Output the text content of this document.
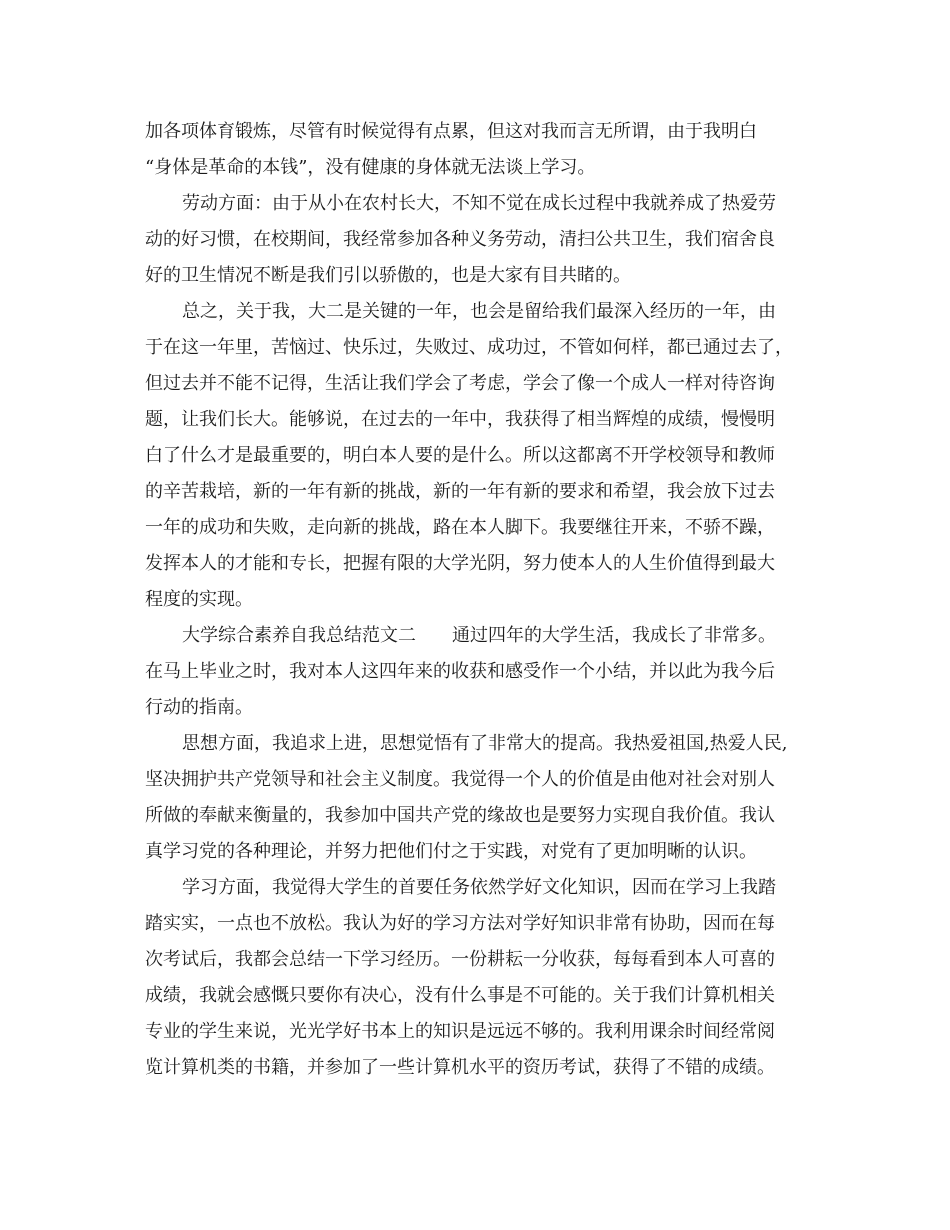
加各项体育锻炼，尽管有时候觉得有点累，但这对我而言无所谓，由于我明白
“身体是革命的本钱”，没有健康的身体就无法谈上学习。
劳动方面：由于从小在农村长大，不知不觉在成长过程中我就养成了热爱劳
动的好习惯，在校期间，我经常参加各种义务劳动，清扫公共卫生，我们宿舍良
好的卫生情况不断是我们引以骄傲的，也是大家有目共睹的。
总之，关于我，大二是关键的一年，也会是留给我们最深入经历的一年，由
于在这一年里，苦恼过、快乐过，失败过、成功过，不管如何样，都已通过去了，
但过去并不能不记得，生活让我们学会了考虑，学会了像一个成人一样对待咨询
题，让我们长大。能够说，在过去的一年中，我获得了相当辉煌的成绩，慢慢明
白了什么才是最重要的，明白本人要的是什么。所以这都离不开学校领导和教师
的辛苦栽培，新的一年有新的挑战，新的一年有新的要求和希望，我会放下过去
一年的成功和失败，走向新的挑战，路在本人脚下。我要继往开来，不骄不躁，
发挥本人的才能和专长，把握有限的大学光阴，努力使本人的人生价值得到最大
程度的实现。
大学综合素养自我总结范文二　　通过四年的大学生活，我成长了非常多。
在马上毕业之时，我对本人这四年来的收获和感受作一个小结，并以此为我今后
行动的指南。
思想方面，我追求上进，思想觉悟有了非常大的提高。我热爱祖国,热爱人民,
坚决拥护共产党领导和社会主义制度。我觉得一个人的价值是由他对社会对别人
所做的奉献来衡量的，我参加中国共产党的缘故也是要努力实现自我价值。我认
真学习党的各种理论，并努力把他们付之于实践，对党有了更加明晰的认识。
学习方面，我觉得大学生的首要任务依然学好文化知识，因而在学习上我踏
踏实实，一点也不放松。我认为好的学习方法对学好知识非常有协助，因而在每
次考试后，我都会总结一下学习经历。一份耕耘一分收获，每每看到本人可喜的
成绩，我就会感慨只要你有决心，没有什么事是不可能的。关于我们计算机相关
专业的学生来说，光光学好书本上的知识是远远不够的。我利用课余时间经常阅
览计算机类的书籍，并参加了一些计算机水平的资历考试，获得了不错的成绩。
